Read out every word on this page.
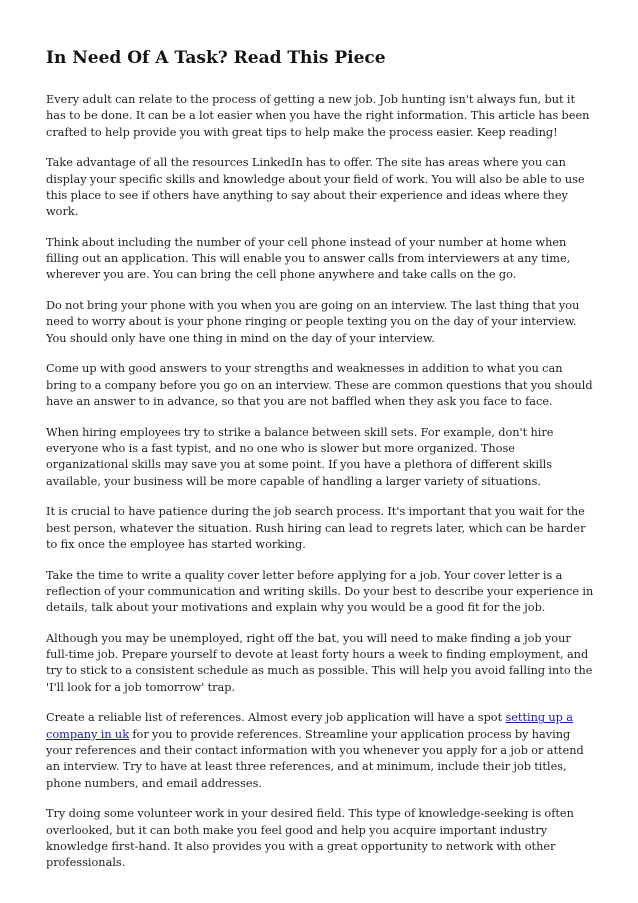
In Need Of A Task? Read This Piece

Every adult can relate to the process of getting a new job. Job hunting isn't always fun, but it has to be done. It can be a lot easier when you have the right information. This article has been crafted to help provide you with great tips to help make the process easier. Keep reading!

Take advantage of all the resources LinkedIn has to offer. The site has areas where you can display your specific skills and knowledge about your field of work. You will also be able to use this place to see if others have anything to say about their experience and ideas where they work.

Think about including the number of your cell phone instead of your number at home when filling out an application. This will enable you to answer calls from interviewers at any time, wherever you are. You can bring the cell phone anywhere and take calls on the go.

Do not bring your phone with you when you are going on an interview. The last thing that you need to worry about is your phone ringing or people texting you on the day of your interview. You should only have one thing in mind on the day of your interview.

Come up with good answers to your strengths and weaknesses in addition to what you can bring to a company before you go on an interview. These are common questions that you should have an answer to in advance, so that you are not baffled when they ask you face to face.

When hiring employees try to strike a balance between skill sets. For example, don't hire everyone who is a fast typist, and no one who is slower but more organized. Those organizational skills may save you at some point. If you have a plethora of different skills available, your business will be more capable of handling a larger variety of situations.

It is crucial to have patience during the job search process. It's important that you wait for the best person, whatever the situation. Rush hiring can lead to regrets later, which can be harder to fix once the employee has started working.

Take the time to write a quality cover letter before applying for a job. Your cover letter is a reflection of your communication and writing skills. Do your best to describe your experience in details, talk about your motivations and explain why you would be a good fit for the job.

Although you may be unemployed, right off the bat, you will need to make finding a job your full-time job. Prepare yourself to devote at least forty hours a week to finding employment, and try to stick to a consistent schedule as much as possible. This will help you avoid falling into the 'I'll look for a job tomorrow' trap.

Create a reliable list of references. Almost every job application will have a spot setting up a company in uk for you to provide references. Streamline your application process by having your references and their contact information with you whenever you apply for a job or attend an interview. Try to have at least three references, and at minimum, include their job titles, phone numbers, and email addresses.

Try doing some volunteer work in your desired field. This type of knowledge-seeking is often overlooked, but it can both make you feel good and help you acquire important industry knowledge first-hand. It also provides you with a great opportunity to network with other professionals.
